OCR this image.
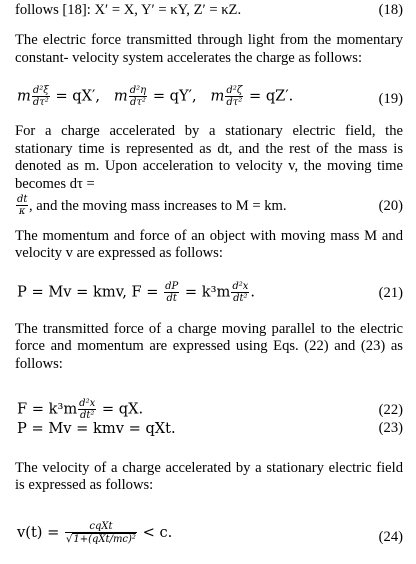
follows [18]: X′ = X, Y′ = κY, Z′ = κZ.	(18)
The electric force transmitted through light from the momentary constant- velocity system accelerates the charge as follows:
m $\frac{\text{d²ξ}}{\text{dτ²}} = qX'$, m $\frac{\text{d²η}}{\text{dτ²}} = qY'$, m $\frac{\text{d²ζ}}{\text{dτ²}} = qZ'$.	(19)
For a charge accelerated by a stationary electric field, the stationary time is represented as dt, and the rest of the mass is denoted as m. Upon acceleration to velocity v, the moving time becomes dτ =
$\frac{dt}{\kappa}$ , and the moving mass increases to M = km.	(20)
The momentum and force of an object with moving mass M and velocity v are expressed as follows:
P = Mv = kmv, $F = \frac{dP}{dt} = k^3m \frac{\text{d²x}}{\text{dt²}}$ .	(21)
The transmitted force of a charge moving parallel to the electric force and momentum are expressed using Eqs. (22) and (23) as follows:
$F = k^3m \frac{\text{d²x}}{\text{dt²}}$ = qX.	(22)
P = Mv = kmv = qXt.	(23)
The velocity of a charge accelerated by a stationary electric field is expressed as follows:
$v(t) = \frac{\text{cqXt}}{\text{√1+(qXt/mc)²}} < c$.	(24)
